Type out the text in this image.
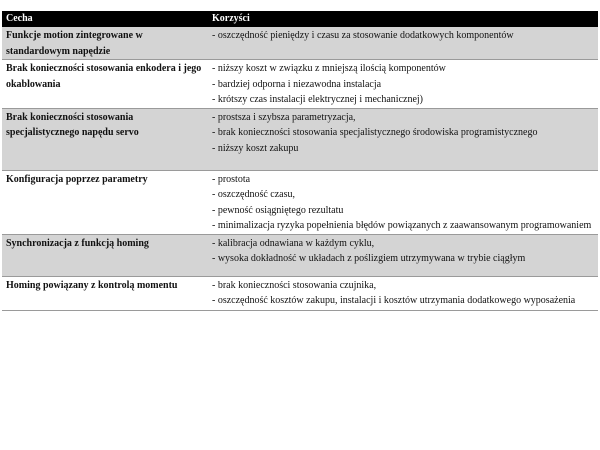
Cecha	Korzyści
Funkcje motion zintegrowane w standardowym napędzie	- oszczędność pieniędzy i czasu za stosowanie dodatkowych komponentów

Brak konieczności stosowania enkodera i jego okablowania	- niższy koszt w związku z mniejszą ilością komponentów
- bardziej odporna i niezawodna instalacja
- krótszy czas instalacji elektrycznej i mechanicznej)

Brak konieczności stosowania specjalistycznego napędu servo	- prostsza i szybsza parametryzacja,
- brak konieczności stosowania specjalistycznego środowiska programistycznego
- niższy koszt zakupu

Konfiguracja poprzez parametry	- prostota
- oszczędność czasu,
- pewność osiągniętego rezultatu
- minimalizacja ryzyka popełnienia błędów powiązanych z zaawansowanym programowaniem

Synchronizacja z funkcją homing	- kalibracja odnawiana w każdym cyklu,
- wysoka dokładność w układach z poślizgiem utrzymywana w trybie ciągłym

Homing powiązany z kontrolą momentu	- brak konieczności stosowania czujnika,
- oszczędność kosztów zakupu, instalacji i kosztów utrzymania dodatkowego wyposażenia
